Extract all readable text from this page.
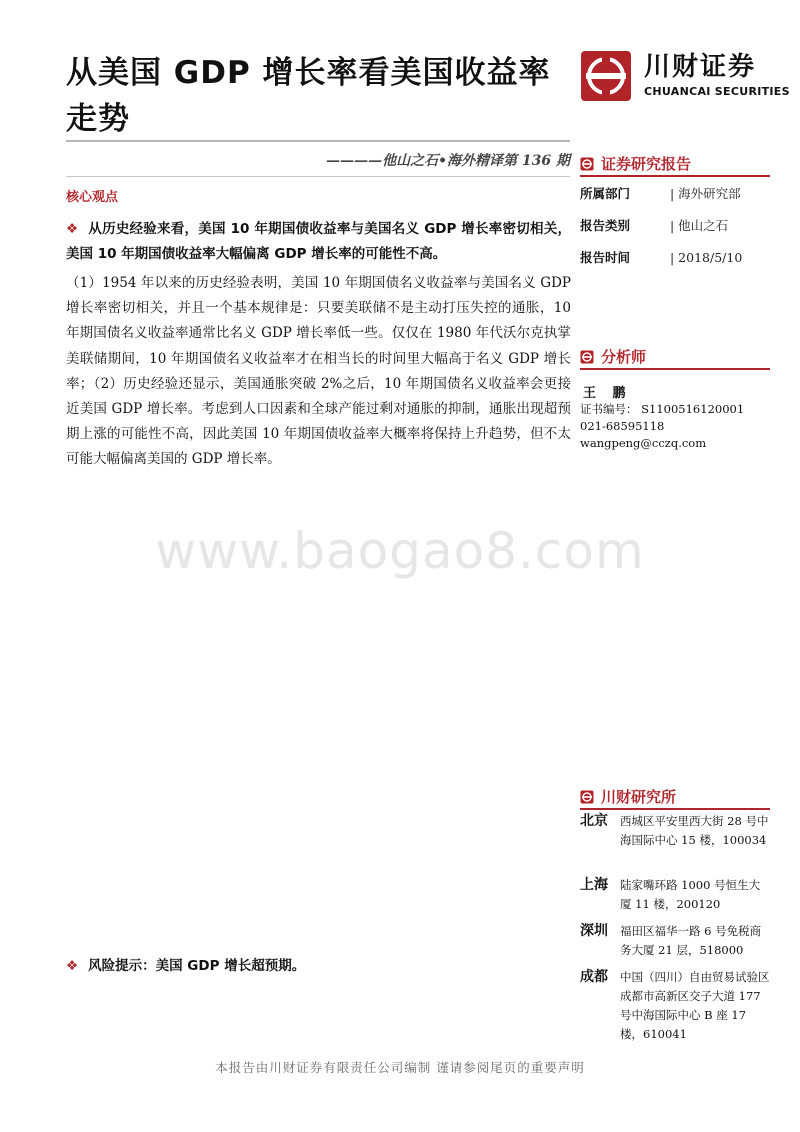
从美国 GDP 增长率看美国收益率走势
川财证券
CHUANCAI SECURITIES
————他山之石•海外精译第 136 期
核心观点
❖ 从历史经验来看，美国 10 年期国债收益率与美国名义 GDP 增长率密切相关，美国 10 年期国债收益率大幅偏离 GDP 增长率的可能性不高。
（1）1954 年以来的历史经验表明，美国 10 年期国债名义收益率与美国名义 GDP 增长率密切相关，并且一个基本规律是：只要美联储不是主动打压失控的通胀，10 年期国债名义收益率通常比名义 GDP 增长率低一些。仅仅在 1980 年代沃尔克执掌美联储期间，10 年期国债名义收益率才在相当长的时间里大幅高于名义 GDP 增长率；（2）历史经验还显示，美国通胀突破 2%之后，10 年期国债名义收益率会更接近美国 GDP 增长率。考虑到人口因素和全球产能过剩对通胀的抑制，通胀出现超预期上涨的可能性不高，因此美国 10 年期国债收益率大概率将保持上升趋势，但不太可能大幅偏离美国的 GDP 增长率。
www.baogao8.com
❖ 风险提示：美国 GDP 增长超预期。
证券研究报告
所属部门	| 海外研究部
报告类别	| 他山之石
报告时间	| 2018/5/10
分析师
王 鹏
证书编号： S1100516120001
021-68595118
wangpeng@cczq.com
川财研究所
北京 西城区平安里西大街 28 号中海国际中心 15 楼，100034
上海 陆家嘴环路 1000 号恒生大厦 11 楼，200120
深圳 福田区福华一路 6 号免税商务大厦 21 层，518000
成都 中国（四川）自由贸易试验区成都市高新区交子大道 177 号中海国际中心 B 座 17 楼，610041
本报告由川财证券有限责任公司编制 谨请参阅尾页的重要声明
